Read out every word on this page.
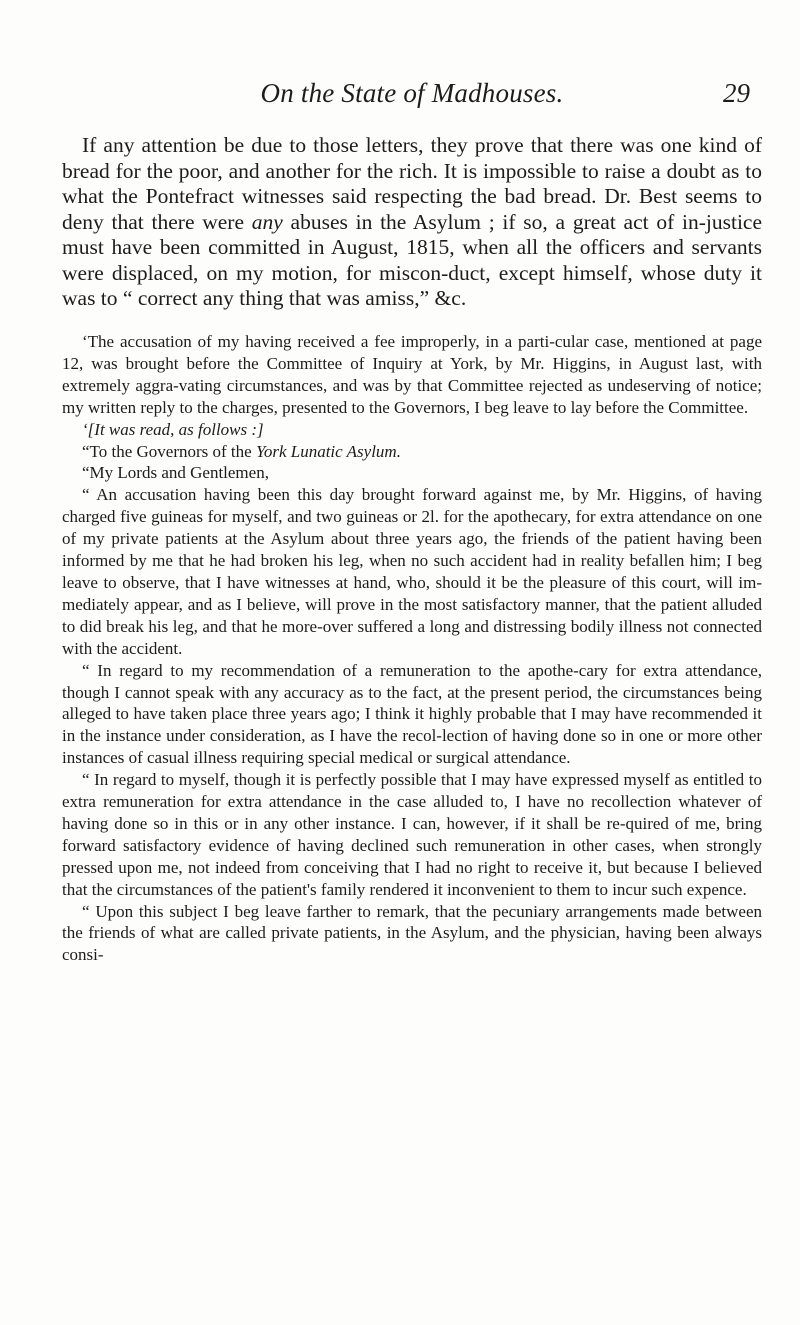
On the State of Madhouses.	29

If any attention be due to those letters, they prove that there was one kind of bread for the poor, and another for the rich. It is impossible to raise a doubt as to what the Pontefract witnesses said respecting the bad bread. Dr. Best seems to deny that there were any abuses in the Asylum ; if so, a great act of in-justice must have been committed in August, 1815, when all the officers and servants were displaced, on my motion, for miscon-duct, except himself, whose duty it was to “ correct any thing that was amiss,” &c.

‘The accusation of my having received a fee improperly, in a parti-cular case, mentioned at page 12, was brought before the Committee of Inquiry at York, by Mr. Higgins, in August last, with extremely aggra-vating circumstances, and was by that Committee rejected as undeserving of notice; my written reply to the charges, presented to the Governors, I beg leave to lay before the Committee.

‘[It was read, as follows :]

“To the Governors of the York Lunatic Asylum.

“My Lords and Gentlemen,

“ An accusation having been this day brought forward against me, by Mr. Higgins, of having charged five guineas for myself, and two guineas or 2l. for the apothecary, for extra attendance on one of my private patients at the Asylum about three years ago, the friends of the patient having been informed by me that he had broken his leg, when no such accident had in reality befallen him; I beg leave to observe, that I have witnesses at hand, who, should it be the pleasure of this court, will im-mediately appear, and as I believe, will prove in the most satisfactory manner, that the patient alluded to did break his leg, and that he more-over suffered a long and distressing bodily illness not connected with the accident.

“ In regard to my recommendation of a remuneration to the apothe-cary for extra attendance, though I cannot speak with any accuracy as to the fact, at the present period, the circumstances being alleged to have taken place three years ago; I think it highly probable that I may have recommended it in the instance under consideration, as I have the recol-lection of having done so in one or more other instances of casual illness requiring special medical or surgical attendance.

“ In regard to myself, though it is perfectly possible that I may have expressed myself as entitled to extra remuneration for extra attendance in the case alluded to, I have no recollection whatever of having done so in this or in any other instance. I can, however, if it shall be re-quired of me, bring forward satisfactory evidence of having declined such remuneration in other cases, when strongly pressed upon me, not indeed from conceiving that I had no right to receive it, but because I believed that the circumstances of the patient's family rendered it inconvenient to them to incur such expence.

“ Upon this subject I beg leave farther to remark, that the pecuniary arrangements made between the friends of what are called private patients, in the Asylum, and the physician, having been always consi-
